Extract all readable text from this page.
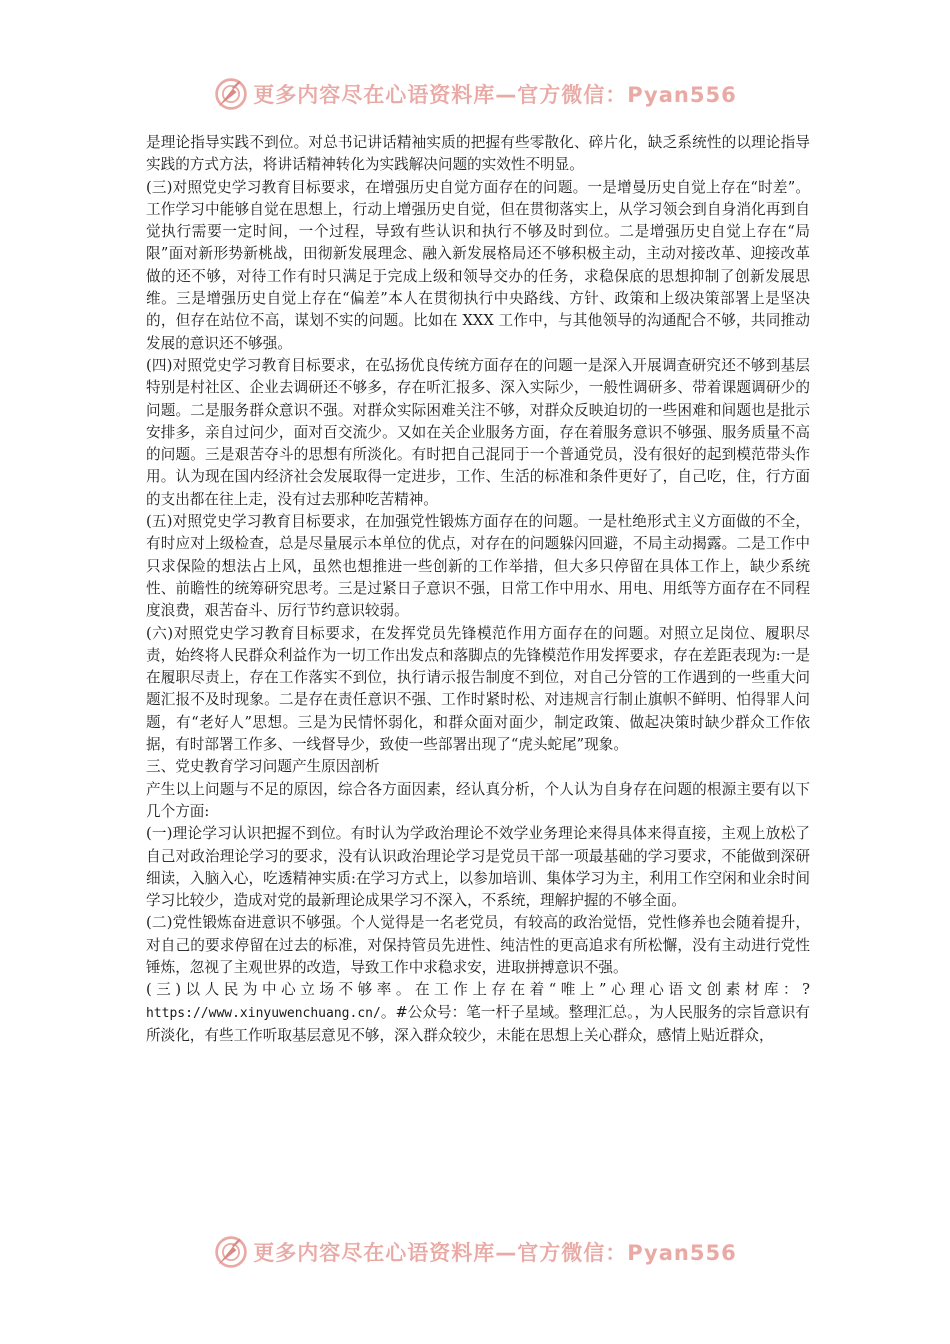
更多内容尽在心语资料库—官方微信：Pyan556

是理论指导实践不到位。对总书记讲话精袖实质的把握有些零散化、碎片化，缺乏系统性的以理论指导实践的方式方法，将讲话精神转化为实践解决问题的实效性不明显。

(三)对照党史学习教育目标要求，在增强历史自觉方面存在的问题。一是增曼历史自觉上存在“时差”。工作学习中能够自觉在思想上，行动上增强历史自觉，但在贯彻落实上，从学习领会到自身消化再到自觉执行需要一定时间，一个过程，导致有些认识和执行不够及时到位。二是增强历史自觉上存在“局限”面对新形势新桃战，田彻新发展理念、融入新发展格局还不够积极主动，主动对接改革、迎接改革做的还不够，对待工作有时只满足于完成上级和领导交办的任务，求稳保底的思想抑制了创新发展思维。三是增强历史自觉上存在“偏差”本人在贯彻执行中央路线、方针、政策和上级决策部署上是坚决的，但存在站位不高，谋划不实的问题。比如在 XXX 工作中，与其他领导的沟通配合不够，共同推动发展的意识还不够强。

(四)对照党史学习教育目标要求，在弘扬优良传统方面存在的问题一是深入开展调查研究还不够到基层特别是村社区、企业去调研还不够多，存在听汇报多、深入实际少，一般性调研多、带着课题调研少的问题。二是服务群众意识不强。对群众实际困难关注不够，对群众反映迫切的一些困难和间题也是批示安排多，亲自过问少，面对百交流少。又如在关企业服务方面，存在着服务意识不够强、服务质量不高的问题。三是艰苦夺斗的思想有所淡化。有时把自己混同于一个普通党员，没有很好的起到模范带头作用。认为现在国内经济社会发展取得一定进步，工作、生活的标准和条件更好了，自己吃，住，行方面的支出都在往上走，没有过去那种吃苦精神。

(五)对照党史学习教育目标要求，在加强党性锻炼方面存在的问题。一是杜绝形式主义方面做的不全，有时应对上级检查，总是尽量展示本单位的优点，对存在的问题躲闪回避，不局主动揭露。二是工作中只求保险的想法占上风，虽然也想推进一些创新的工作举措，但大多只停留在具体工作上，缺少系统性、前瞻性的统筹研究思考。三是过紧日子意识不强，日常工作中用水、用电、用纸等方面存在不同程度浪费，艰苦奋斗、厉行节约意识较弱。

(六)对照党史学习教育目标要求，在发挥党员先锋模范作用方面存在的问题。对照立足岗位、履职尽责，始终将人民群众利益作为一切工作出发点和落脚点的先锋模范作用发挥要求，存在差距表现为:一是在履职尽责上，存在工作落实不到位，执行请示报告制度不到位，对自己分管的工作遇到的一些重大问题汇报不及时现象。二是存在责任意识不强、工作时紧时松、对违规言行制止旗帜不鲜明、怕得罪人问题，有“老好人”思想。三是为民情怀弱化，和群众面对面少，制定政策、做起决策时缺少群众工作依据，有时部署工作多、一线督导少，致使一些部署出现了“虎头蛇尾”现象。

三、党史教育学习问题产生原因剖析

产生以上问题与不足的原因，综合各方面因素，经认真分析，个人认为自身存在问题的根源主要有以下几个方面:

(一)理论学习认识把握不到位。有时认为学政治理论不效学业务理论来得具体来得直接，主观上放松了自己对政治理论学习的要求，没有认识政治理论学习是党员干部一项最基础的学习要求，不能做到深研细读，入脑入心，吃透精神实质:在学习方式上，以参加培训、集体学习为主，利用工作空闲和业余时间学习比较少，造成对党的最新理论成果学习不深入，不系统，理解护握的不够全面。

(二)党性锻炼奋进意识不够强。个人觉得是一名老党员，有较高的政治觉悟，党性修养也会随着提升，对自己的要求停留在过去的标准，对保持管员先进性、纯洁性的更高追求有所松懈，没有主动进行党性锤炼，忽视了主观世界的改造，导致工作中求稳求安，进取拼搏意识不强。

(三)以人民为中心立场不够率。在工作上存在着“唯上”心理心语文创素材库：?https://www.xinyuwenchuang.cn/。#公众号：笔一杆子星域。整理汇总。，为人民服务的宗旨意识有所淡化，有些工作听取基层意见不够，深入群众较少，未能在思想上关心群众，感情上贴近群众，

更多内容尽在心语资料库—官方微信：Pyan556
